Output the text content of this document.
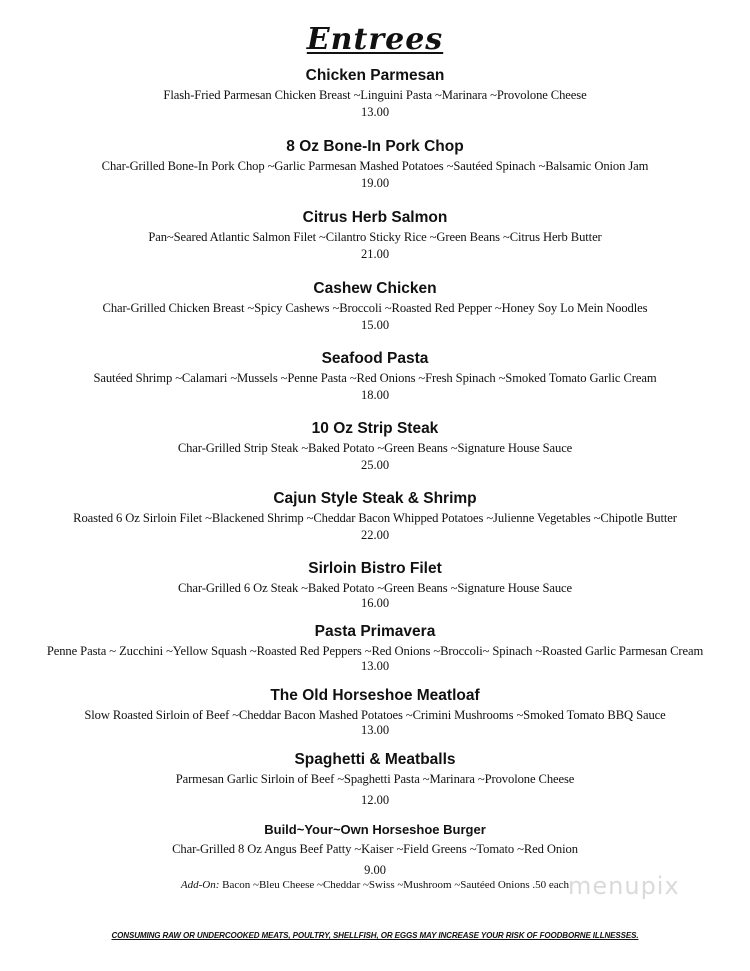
Entrees
Chicken Parmesan
Flash-Fried Parmesan Chicken Breast ~Linguini Pasta ~Marinara ~Provolone Cheese
13.00
8 Oz Bone-In Pork Chop
Char-Grilled Bone-In Pork Chop ~Garlic Parmesan Mashed Potatoes ~Sautéed Spinach ~Balsamic Onion Jam
19.00
Citrus Herb Salmon
Pan~Seared Atlantic Salmon Filet ~Cilantro Sticky Rice ~Green Beans ~Citrus Herb Butter
21.00
Cashew Chicken
Char-Grilled Chicken Breast ~Spicy Cashews ~Broccoli ~Roasted Red Pepper ~Honey Soy Lo Mein Noodles
15.00
Seafood Pasta
Sautéed Shrimp ~Calamari ~Mussels ~Penne Pasta ~Red Onions ~Fresh Spinach ~Smoked Tomato Garlic Cream
18.00
10 Oz Strip Steak
Char-Grilled Strip Steak ~Baked Potato ~Green Beans ~Signature House Sauce
25.00
Cajun Style Steak & Shrimp
Roasted 6 Oz Sirloin Filet ~Blackened Shrimp ~Cheddar Bacon Whipped Potatoes ~Julienne Vegetables ~Chipotle Butter
22.00
Sirloin Bistro Filet
Char-Grilled 6 Oz Steak ~Baked Potato ~Green Beans ~Signature House Sauce
16.00
Pasta Primavera
Penne Pasta ~ Zucchini ~Yellow Squash ~Roasted Red Peppers ~Red Onions ~Broccoli~ Spinach ~Roasted Garlic Parmesan Cream
13.00
The Old Horseshoe Meatloaf
Slow Roasted Sirloin of Beef ~Cheddar Bacon Mashed Potatoes ~Crimini Mushrooms ~Smoked Tomato BBQ Sauce
13.00
Spaghetti & Meatballs
Parmesan Garlic Sirloin of Beef ~Spaghetti Pasta ~Marinara ~Provolone Cheese
12.00
Build~Your~Own Horseshoe Burger
Char-Grilled 8 Oz Angus Beef Patty ~Kaiser ~Field Greens ~Tomato ~Red Onion
9.00
Add-On: Bacon ~Bleu Cheese ~Cheddar ~Swiss ~Mushroom ~Sautéed Onions .50 each
menupix
CONSUMING RAW OR UNDERCOOKED MEATS, POULTRY, SHELLFISH, OR EGGS MAY INCREASE YOUR RISK OF FOODBORNE ILLNESSES.
